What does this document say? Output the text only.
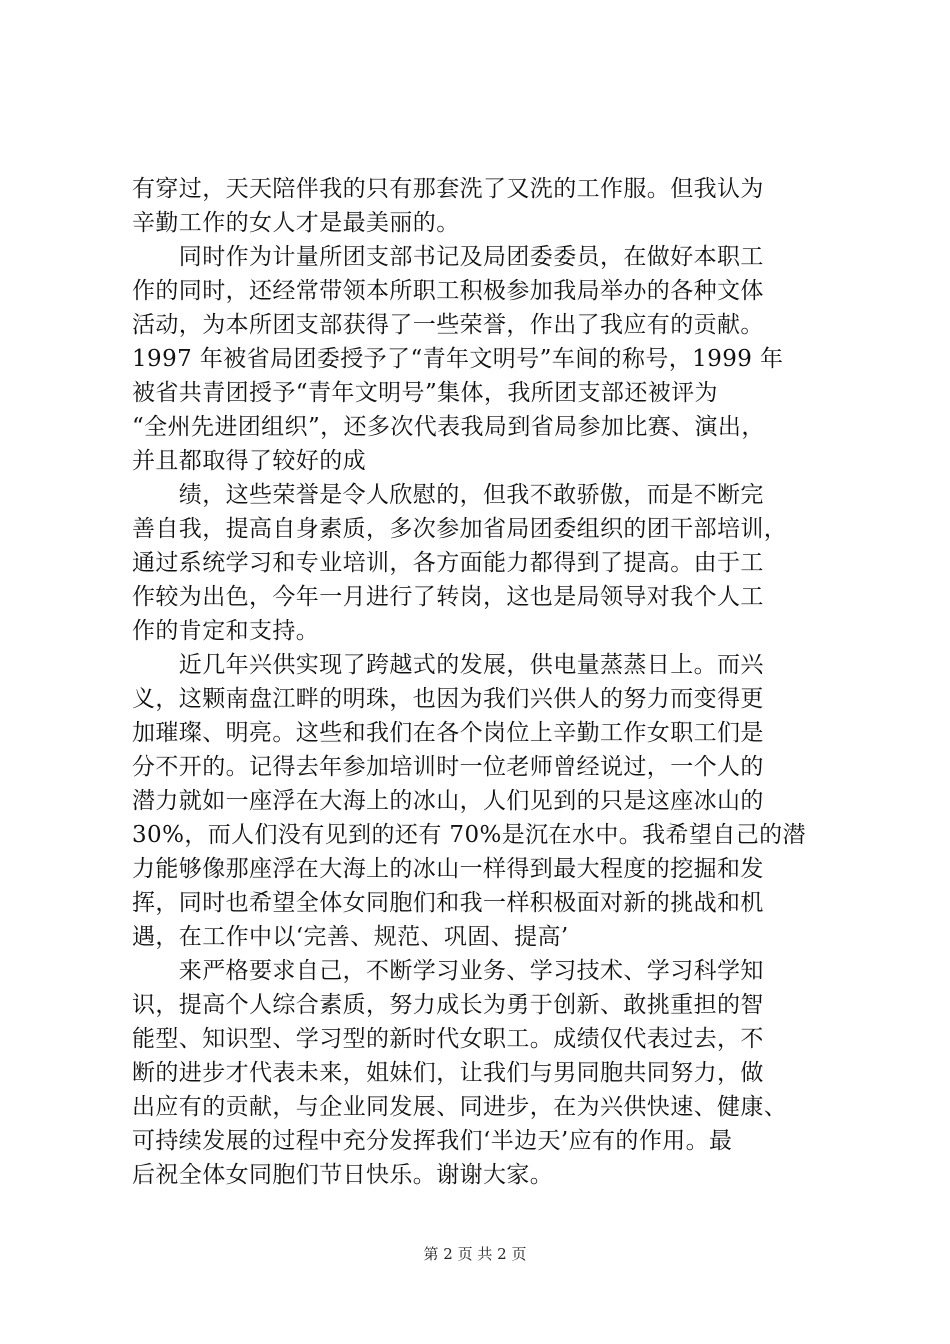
有穿过，天天陪伴我的只有那套洗了又洗的工作服。但我认为
辛勤工作的女人才是最美丽的。
　　同时作为计量所团支部书记及局团委委员，在做好本职工
作的同时，还经常带领本所职工积极参加我局举办的各种文体
活动，为本所团支部获得了一些荣誉，作出了我应有的贡献。
1997 年被省局团委授予了“青年文明号”车间的称号，1999 年
被省共青团授予“青年文明号”集体，我所团支部还被评为
“全州先进团组织”，还多次代表我局到省局参加比赛、演出，
并且都取得了较好的成
　　绩，这些荣誉是令人欣慰的，但我不敢骄傲，而是不断完
善自我，提高自身素质，多次参加省局团委组织的团干部培训，
通过系统学习和专业培训，各方面能力都得到了提高。由于工
作较为出色，今年一月进行了转岗，这也是局领导对我个人工
作的肯定和支持。
　　近几年兴供实现了跨越式的发展，供电量蒸蒸日上。而兴
义，这颗南盘江畔的明珠，也因为我们兴供人的努力而变得更
加璀璨、明亮。这些和我们在各个岗位上辛勤工作女职工们是
分不开的。记得去年参加培训时一位老师曾经说过，一个人的
潜力就如一座浮在大海上的冰山，人们见到的只是这座冰山的
30%，而人们没有见到的还有 70%是沉在水中。我希望自己的潜
力能够像那座浮在大海上的冰山一样得到最大程度的挖掘和发
挥，同时也希望全体女同胞们和我一样积极面对新的挑战和机
遇，在工作中以‘完善、规范、巩固、提高’
　　来严格要求自己，不断学习业务、学习技术、学习科学知
识，提高个人综合素质，努力成长为勇于创新、敢挑重担的智
能型、知识型、学习型的新时代女职工。成绩仅代表过去，不
断的进步才代表未来，姐妹们，让我们与男同胞共同努力，做
出应有的贡献，与企业同发展、同进步，在为兴供快速、健康、
可持续发展的过程中充分发挥我们‘半边天’应有的作用。最
后祝全体女同胞们节日快乐。谢谢大家。
第 2 页 共 2 页
